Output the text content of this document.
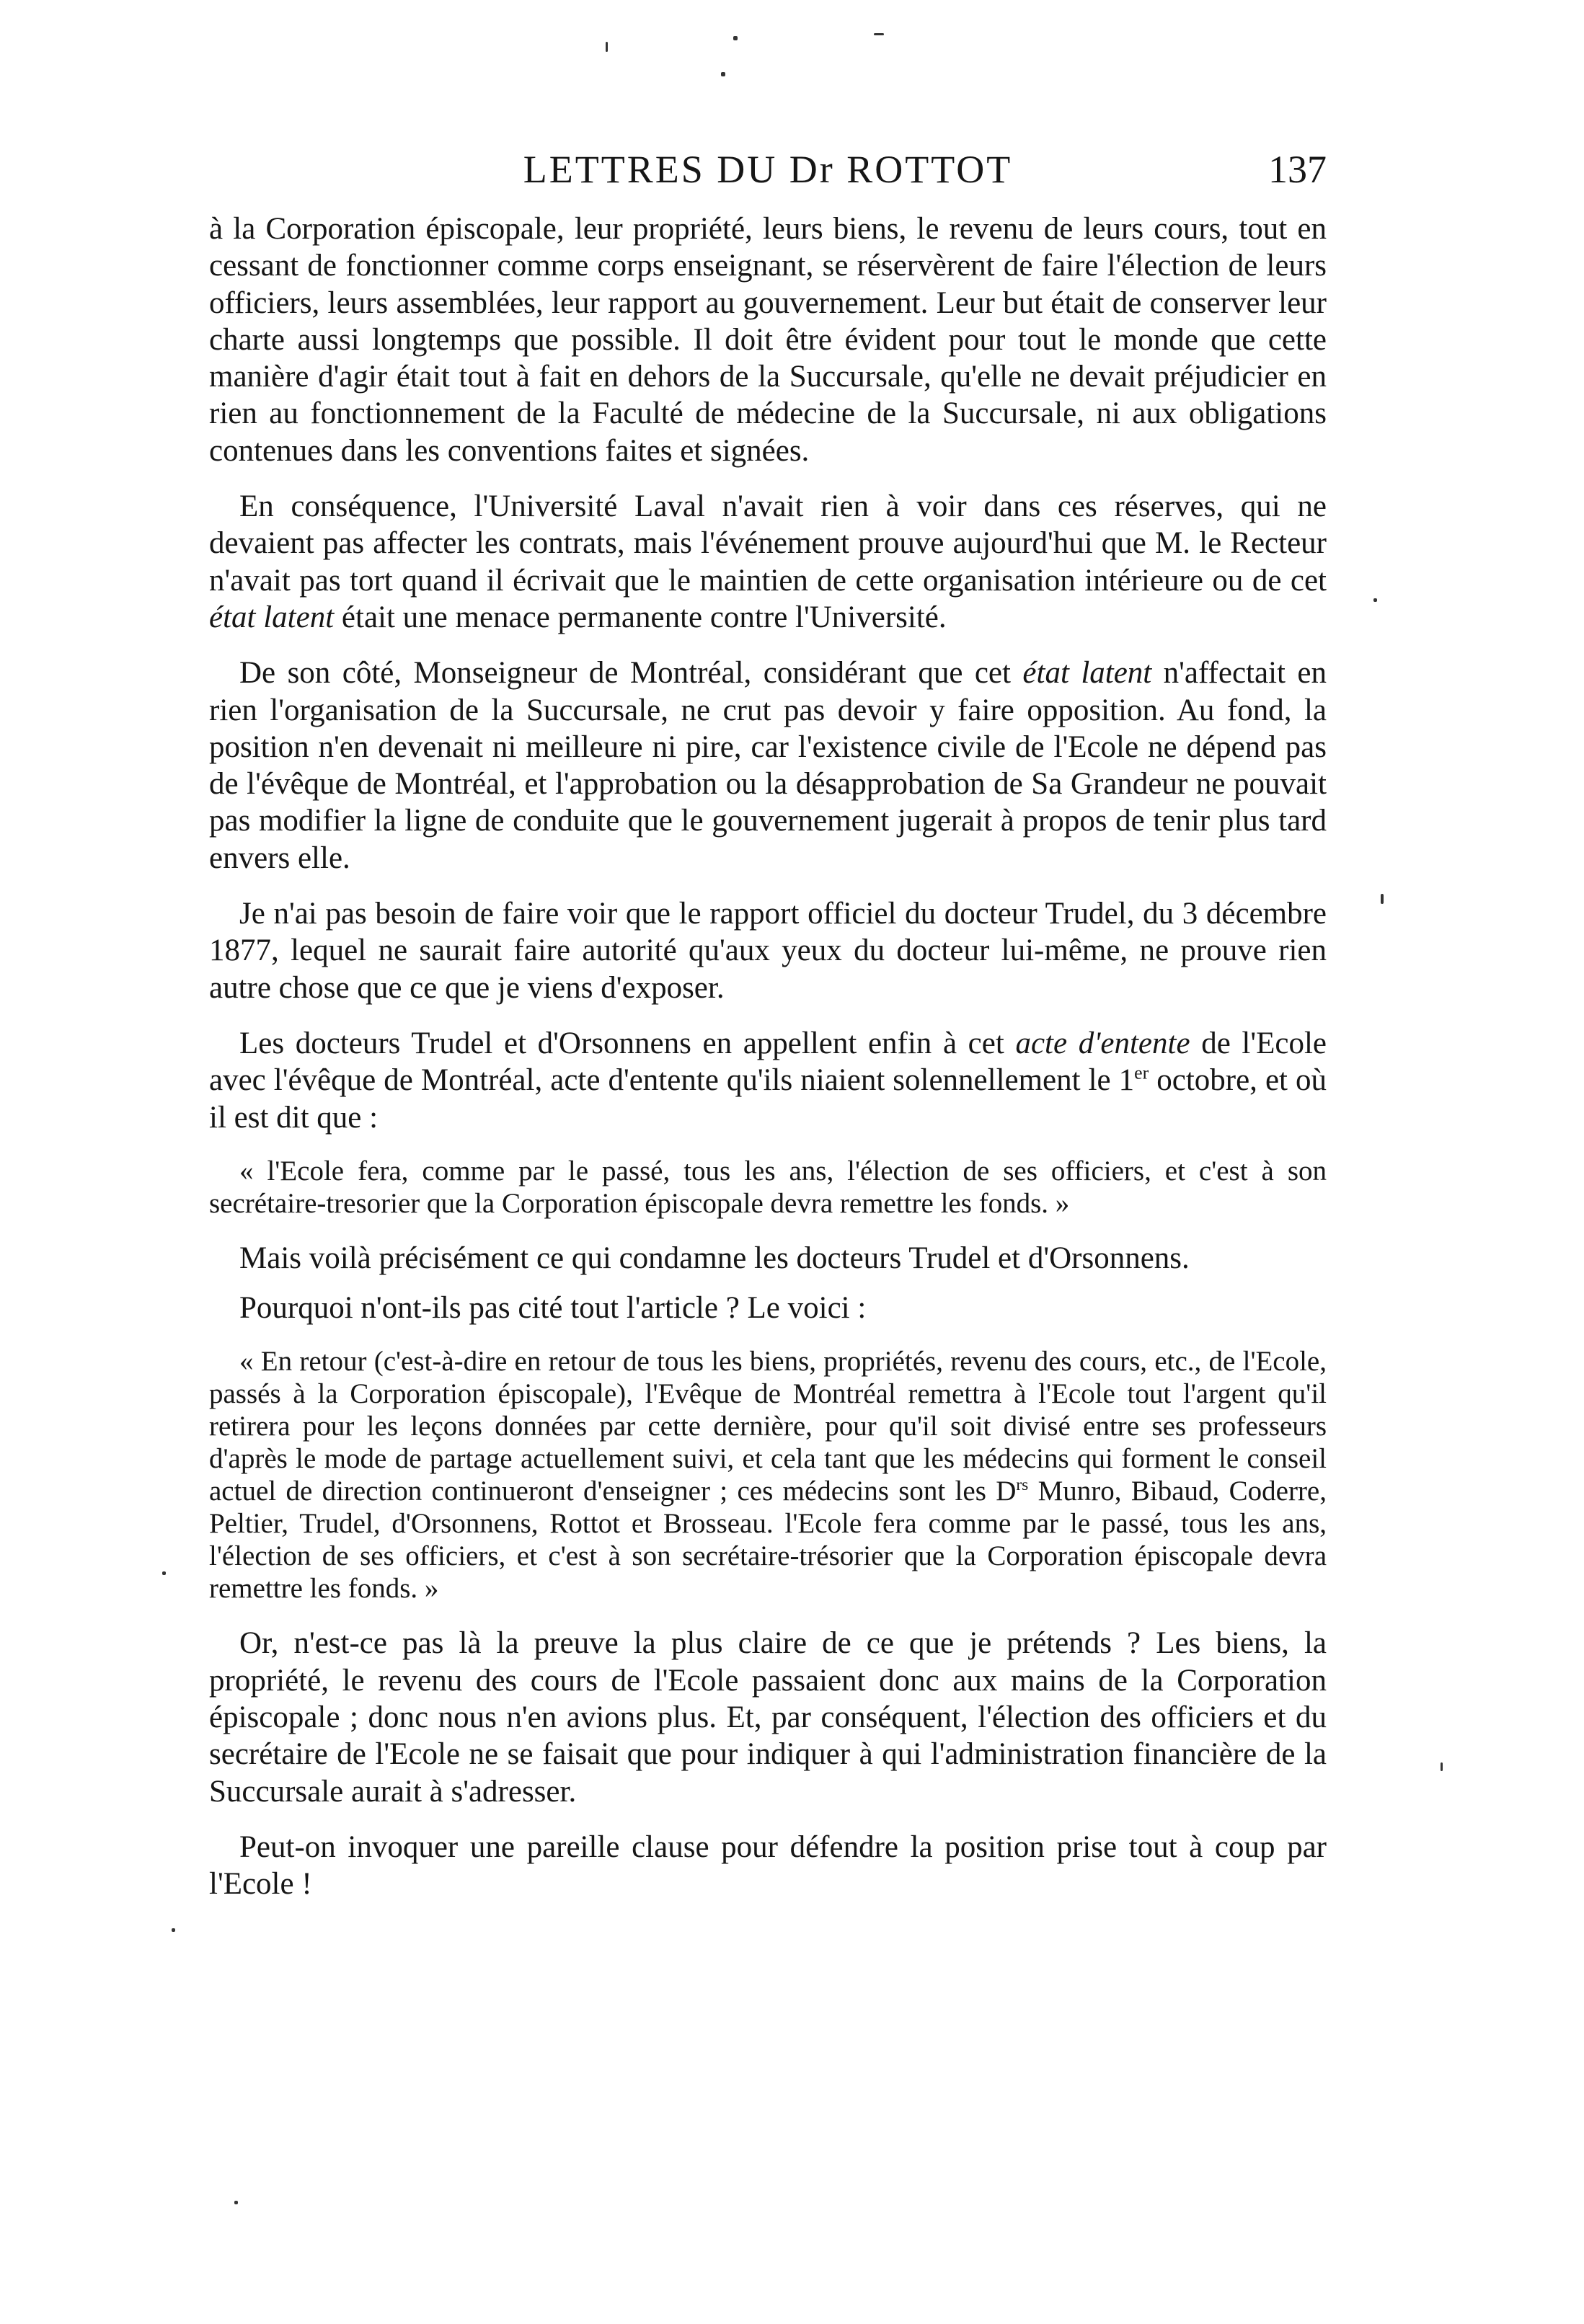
LETTRES DU Dr ROTTOT	137

à la Corporation épiscopale, leur propriété, leurs biens, le revenu de leurs cours, tout en cessant de fonctionner comme corps enseignant, se réservèrent de faire l'élection de leurs officiers, leurs assemblées, leur rapport au gouvernement. Leur but était de conserver leur charte aussi longtemps que possible. Il doit être évident pour tout le monde que cette manière d'agir était tout à fait en dehors de la Succursale, qu'elle ne devait préjudicier en rien au fonctionnement de la Faculté de médecine de la Succursale, ni aux obligations contenues dans les conventions faites et signées.

En conséquence, l'Université Laval n'avait rien à voir dans ces réserves, qui ne devaient pas affecter les contrats, mais l'événement prouve aujourd'hui que M. le Recteur n'avait pas tort quand il écrivait que le maintien de cette organisation intérieure ou de cet état latent était une menace permanente contre l'Université.

De son côté, Monseigneur de Montréal, considérant que cet état latent n'affectait en rien l'organisation de la Succursale, ne crut pas devoir y faire opposition. Au fond, la position n'en devenait ni meilleure ni pire, car l'existence civile de l'Ecole ne dépend pas de l'évêque de Montréal, et l'approbation ou la désapprobation de Sa Grandeur ne pouvait pas modifier la ligne de conduite que le gouvernement jugerait à propos de tenir plus tard envers elle.

Je n'ai pas besoin de faire voir que le rapport officiel du docteur Trudel, du 3 décembre 1877, lequel ne saurait faire autorité qu'aux yeux du docteur lui-même, ne prouve rien autre chose que ce que je viens d'exposer.

Les docteurs Trudel et d'Orsonnens en appellent enfin à cet acte d'entente de l'Ecole avec l'évêque de Montréal, acte d'entente qu'ils niaient solennellement le 1er octobre, et où il est dit que :

« l'Ecole fera, comme par le passé, tous les ans, l'élection de ses officiers, et c'est à son secrétaire-tresorier que la Corporation épiscopale devra remettre les fonds. »

Mais voilà précisément ce qui condamne les docteurs Trudel et d'Orsonnens.

Pourquoi n'ont-ils pas cité tout l'article ? Le voici :

« En retour (c'est-à-dire en retour de tous les biens, propriétés, revenu des cours, etc., de l'Ecole, passés à la Corporation épiscopale), l'Evêque de Montréal remettra à l'Ecole tout l'argent qu'il retirera pour les leçons données par cette dernière, pour qu'il soit divisé entre ses professeurs d'après le mode de partage actuellement suivi, et cela tant que les médecins qui forment le conseil actuel de direction continueront d'enseigner ; ces médecins sont les $D^{rs}$ Munro, Bibaud, Coderre, Peltier, Trudel, d'Orsonnens, Rottot et Brosseau. l'Ecole fera comme par le passé, tous les ans, l'élection de ses officiers, et c'est à son secrétaire-trésorier que la Corporation épiscopale devra remettre les fonds. »

Or, n'est-ce pas là la preuve la plus claire de ce que je prétends ? Les biens, la propriété, le revenu des cours de l'Ecole passaient donc aux mains de la Corporation épiscopale ; donc nous n'en avions plus. Et, par conséquent, l'élection des officiers et du secrétaire de l'Ecole ne se faisait que pour indiquer à qui l'administration financière de la Succursale aurait à s'adresser.

Peut-on invoquer une pareille clause pour défendre la position prise tout à coup par l'Ecole !
